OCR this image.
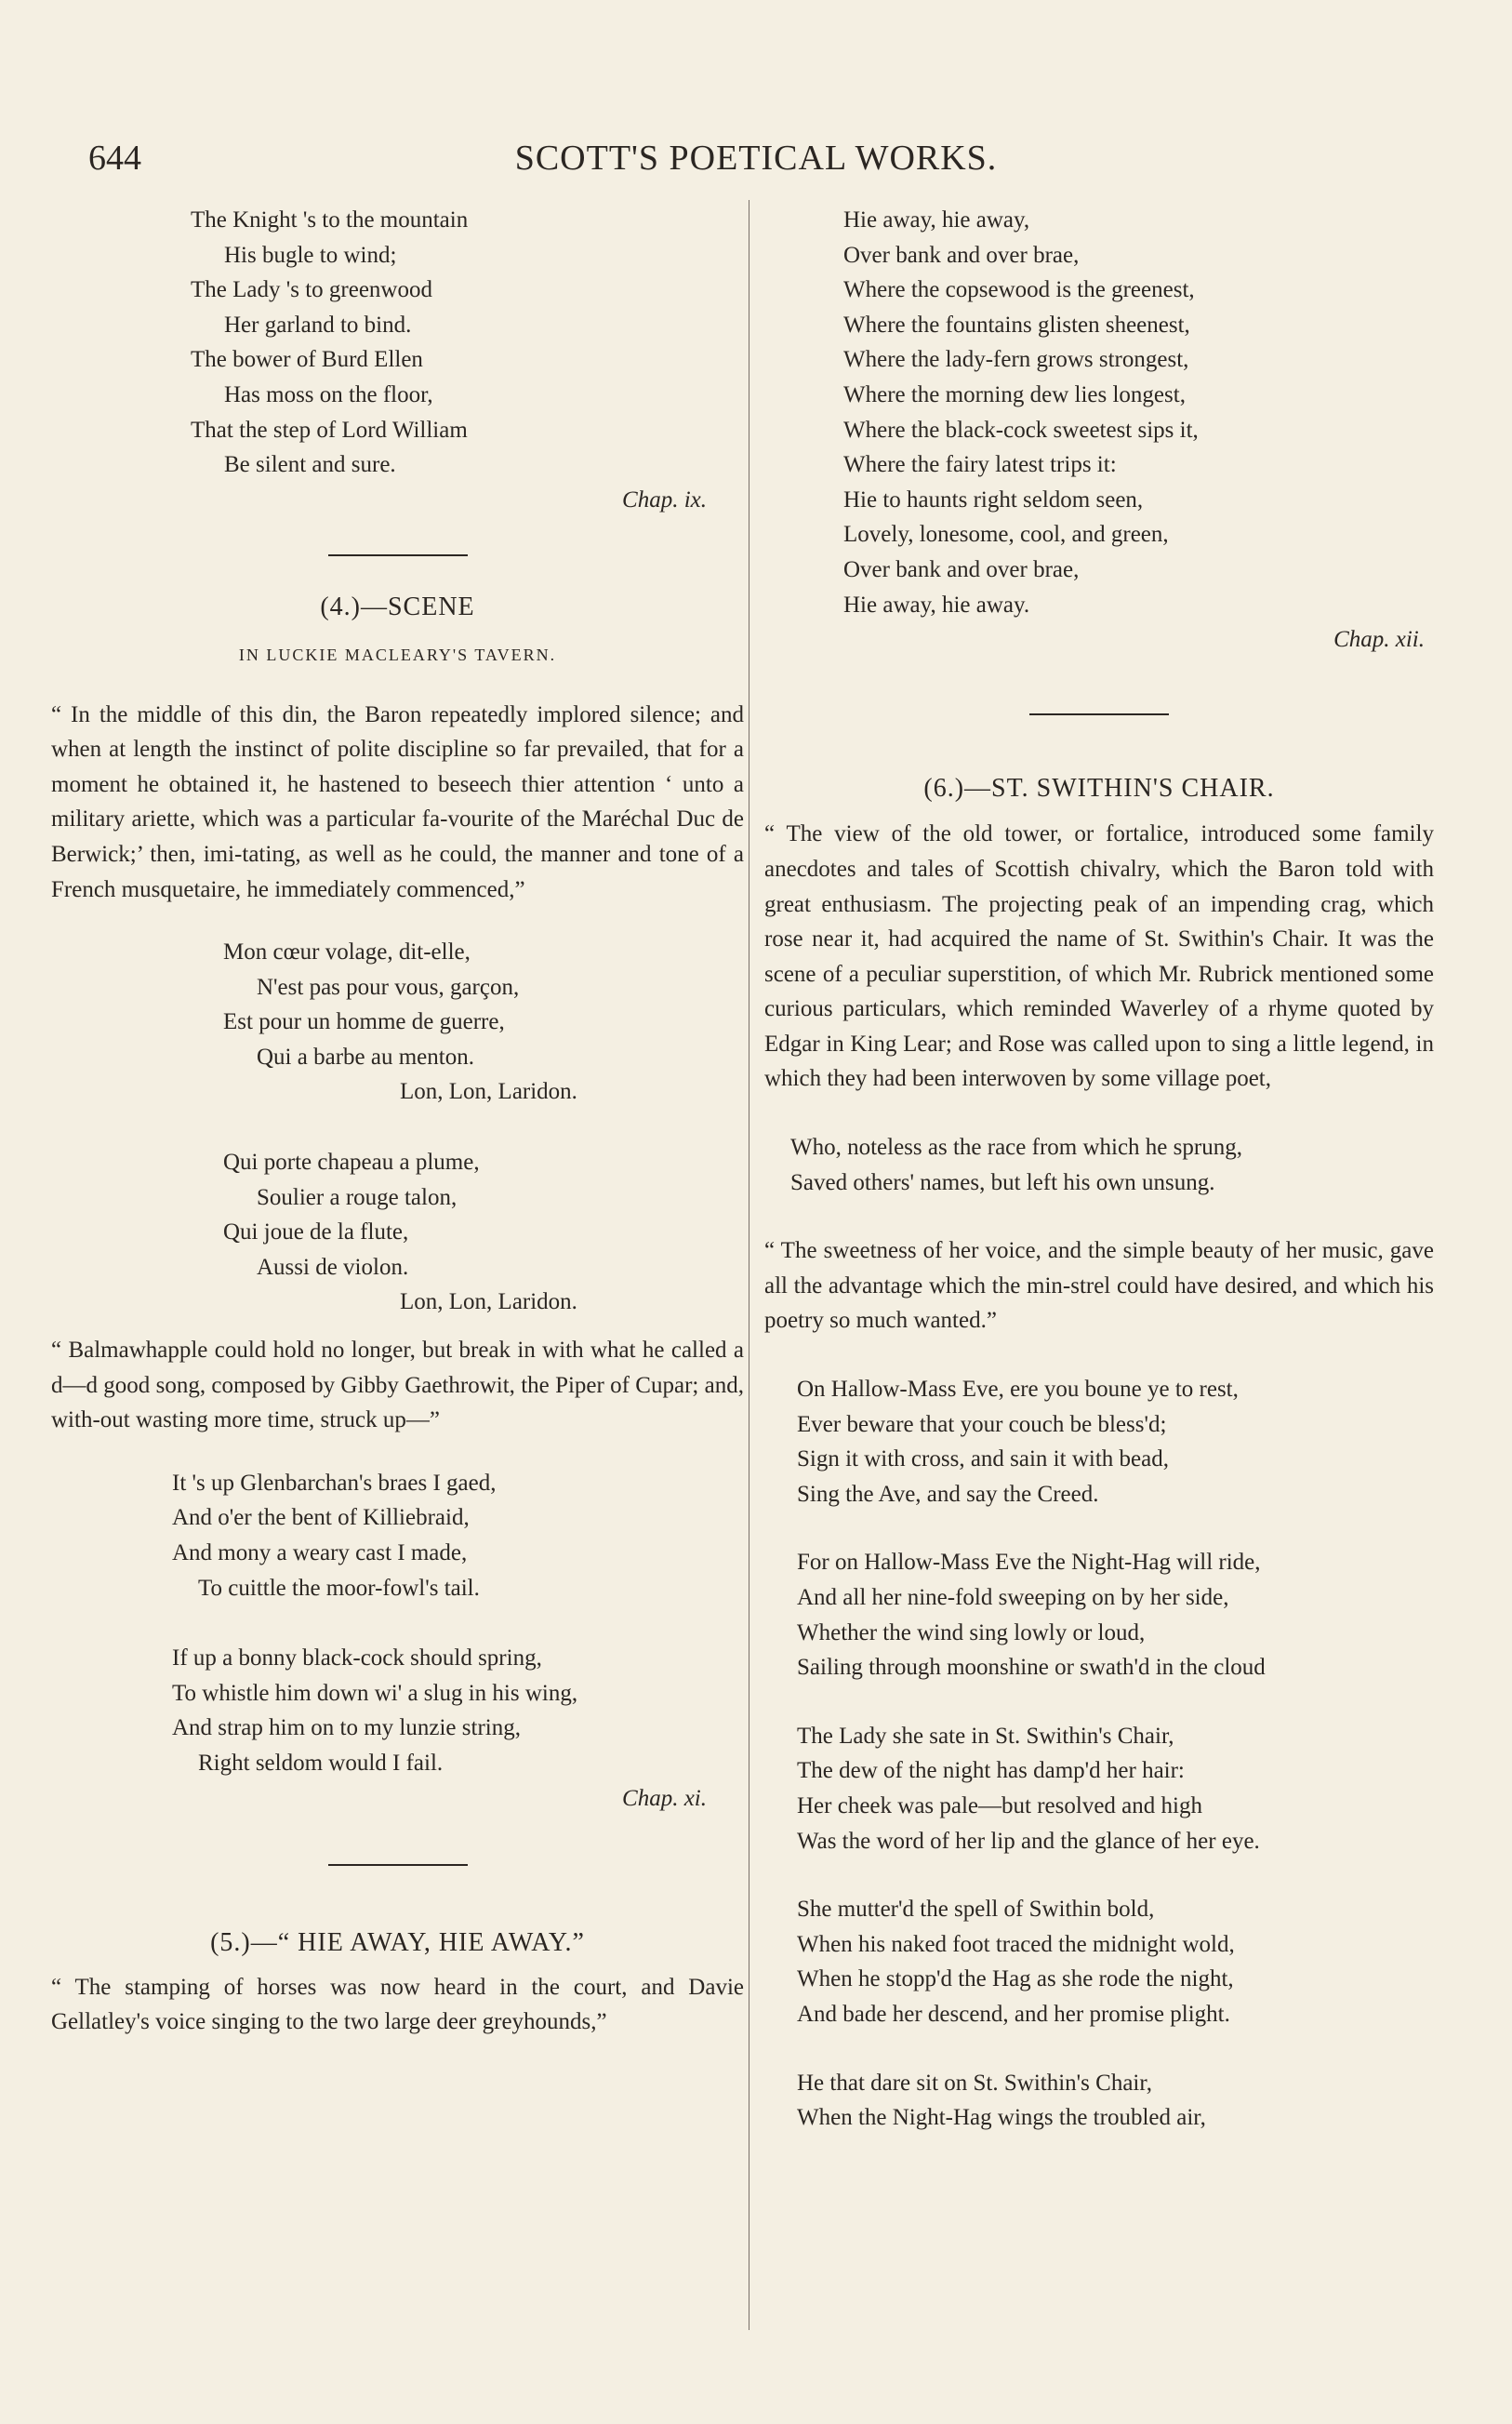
644	SCOTT'S POETICAL WORKS.
The Knight 's to the mountain
His bugle to wind;
The Lady 's to greenwood
Her garland to bind.
The bower of Burd Ellen
Has moss on the floor,
That the step of Lord William
Be silent and sure.
Chap. ix.
(4.)—SCENE
IN LUCKIE MACLEARY'S TAVERN.

“ In the middle of this din, the Baron repeatedly implored silence; and when at length the instinct of polite discipline so far prevailed, that for a moment he obtained it, he hastened to beseech thier attention ‘ unto a military ariette, which was a particular fa-vourite of the Maréchal Duc de Berwick;’ then, imi-tating, as well as he could, the manner and tone of a French musquetaire, he immediately commenced,”

Mon cœur volage, dit-elle,
N'est pas pour vous, garçon,
Est pour un homme de guerre,
Qui a barbe au menton.
Lon, Lon, Laridon.
Qui porte chapeau a plume,
Soulier a rouge talon,
Qui joue de la flute,
Aussi de violon.
Lon, Lon, Laridon.

“ Balmawhapple could hold no longer, but break in with what he called a d—d good song, composed by Gibby Gaethrowit, the Piper of Cupar; and, with-out wasting more time, struck up—”

It 's up Glenbarchan's braes I gaed,
And o'er the bent of Killiebraid,
And mony a weary cast I made,
To cuittle the moor-fowl's tail.
If up a bonny black-cock should spring,
To whistle him down wi' a slug in his wing,
And strap him on to my lunzie string,
Right seldom would I fail.
Chap. xi.
(5.)—“ HIE AWAY, HIE AWAY.”

“ The stamping of horses was now heard in the court, and Davie Gellatley's voice singing to the two large deer greyhounds,”

Hie away, hie away,
Over bank and over brae,
Where the copsewood is the greenest,
Where the fountains glisten sheenest,
Where the lady-fern grows strongest,
Where the morning dew lies longest,
Where the black-cock sweetest sips it,
Where the fairy latest trips it:
Hie to haunts right seldom seen,
Lovely, lonesome, cool, and green,
Over bank and over brae,
Hie away, hie away.
Chap. xii.
(6.)—ST. SWITHIN'S CHAIR.

“ The view of the old tower, or fortalice, introduced some family anecdotes and tales of Scottish chivalry, which the Baron told with great enthusiasm. The projecting peak of an impending crag, which rose near it, had acquired the name of St. Swithin's Chair. It was the scene of a peculiar superstition, of which Mr. Rubrick mentioned some curious particulars, which reminded Waverley of a rhyme quoted by Edgar in King Lear; and Rose was called upon to sing a little legend, in which they had been interwoven by some village poet,

Who, noteless as the race from which he sprung,
Saved others' names, but left his own unsung.

“ The sweetness of her voice, and the simple beauty of her music, gave all the advantage which the min-strel could have desired, and which his poetry so much wanted.”

On Hallow-Mass Eve, ere you boune ye to rest,
Ever beware that your couch be bless'd;
Sign it with cross, and sain it with bead,
Sing the Ave, and say the Creed.
For on Hallow-Mass Eve the Night-Hag will ride,
And all her nine-fold sweeping on by her side,
Whether the wind sing lowly or loud,
Sailing through moonshine or swath'd in the cloud
The Lady she sate in St. Swithin's Chair,
The dew of the night has damp'd her hair:
Her cheek was pale—but resolved and high
Was the word of her lip and the glance of her eye.
She mutter'd the spell of Swithin bold,
When his naked foot traced the midnight wold,
When he stopp'd the Hag as she rode the night,
And bade her descend, and her promise plight.
He that dare sit on St. Swithin's Chair,
When the Night-Hag wings the troubled air,
